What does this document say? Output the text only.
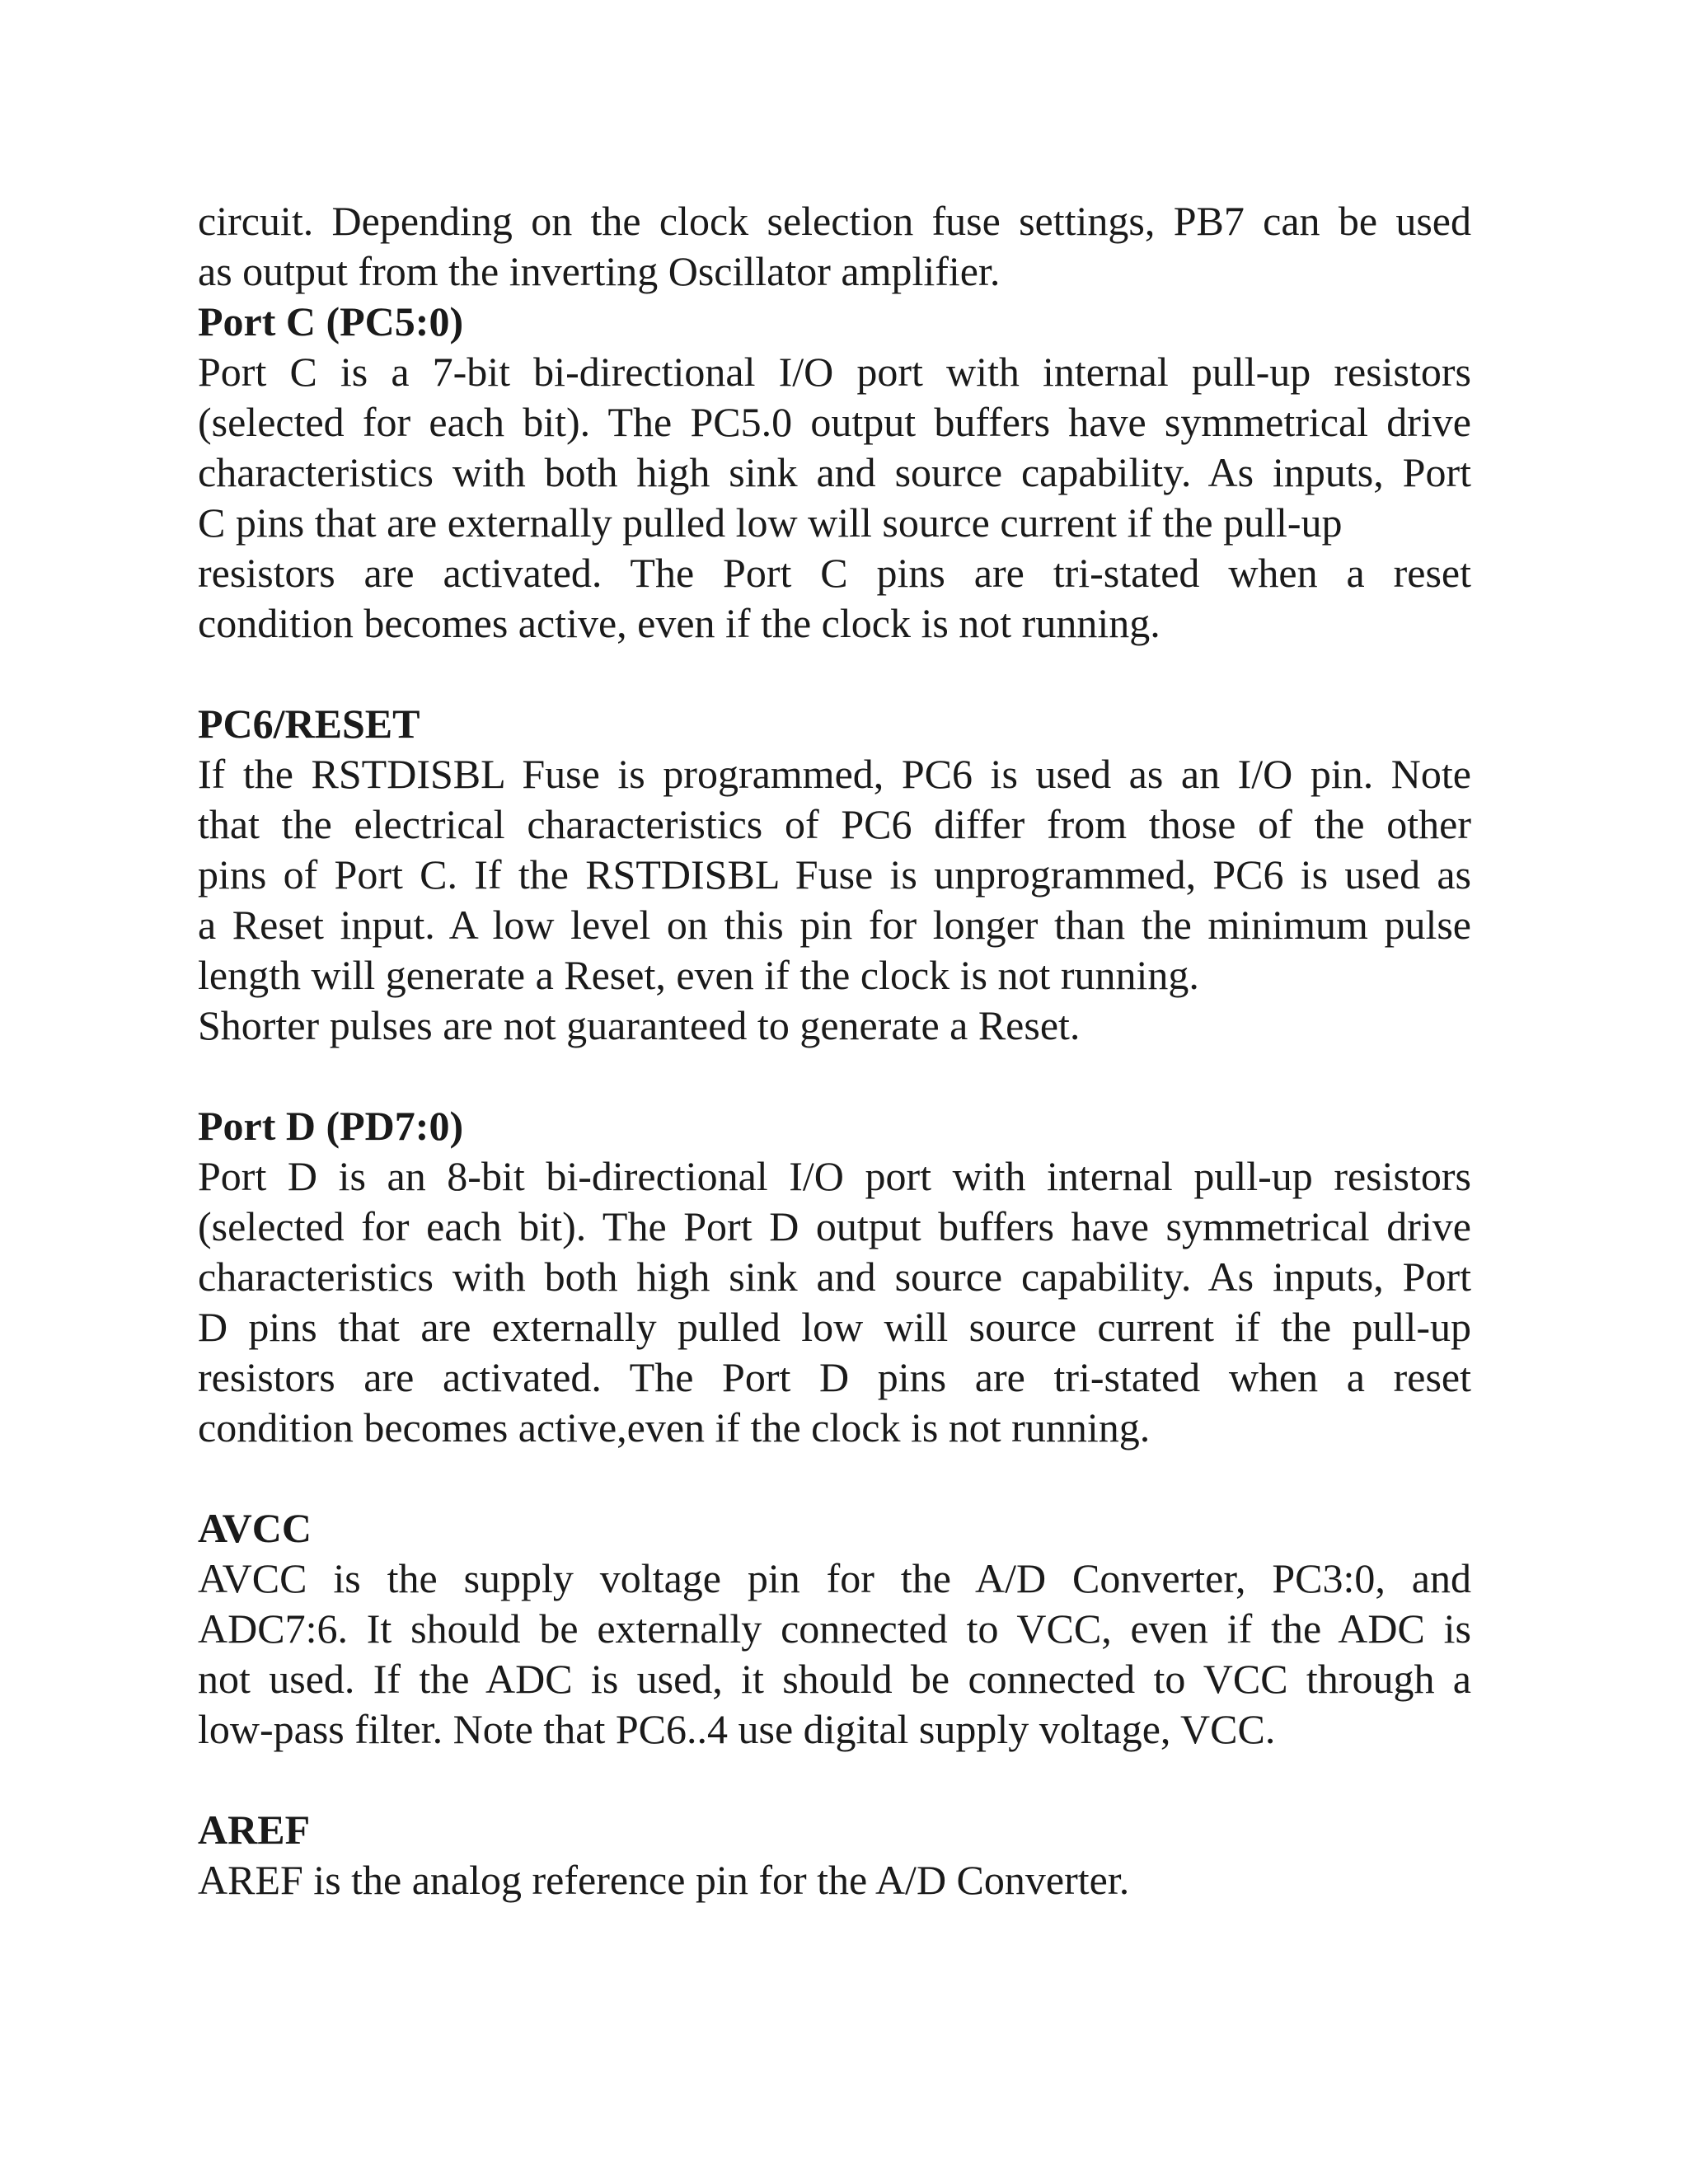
circuit. Depending on the clock selection fuse settings, PB7 can be used
as output from the inverting Oscillator amplifier.

Port C (PC5:0)

Port C is a 7-bit bi-directional I/O port with internal pull-up resistors
(selected for each bit). The PC5.0 output buffers have symmetrical drive
characteristics with both high sink and source capability. As inputs, Port
C pins that are externally pulled low will source current if the pull-up
resistors are activated. The Port C pins are tri-stated when a reset
condition becomes active, even if the clock is not running.

PC6/RESET

If the RSTDISBL Fuse is programmed, PC6 is used as an I/O pin. Note
that the electrical characteristics of PC6 differ from those of the other
pins of Port C. If the RSTDISBL Fuse is unprogrammed, PC6 is used as
a Reset input. A low level on this pin for longer than the minimum pulse
length will generate a Reset, even if the clock is not running.
Shorter pulses are not guaranteed to generate a Reset.

Port D (PD7:0)

Port D is an 8-bit bi-directional I/O port with internal pull-up resistors
(selected for each bit). The Port D output buffers have symmetrical drive
characteristics with both high sink and source capability. As inputs, Port
D pins that are externally pulled low will source current if the pull-up
resistors are activated. The Port D pins are tri-stated when a reset
condition becomes active,even if the clock is not running.

AVCC

AVCC is the supply voltage pin for the A/D Converter, PC3:0, and
ADC7:6. It should be externally connected to VCC, even if the ADC is
not used. If the ADC is used, it should be connected to VCC through a
low-pass filter. Note that PC6..4 use digital supply voltage, VCC.

AREF

AREF is the analog reference pin for the A/D Converter.
